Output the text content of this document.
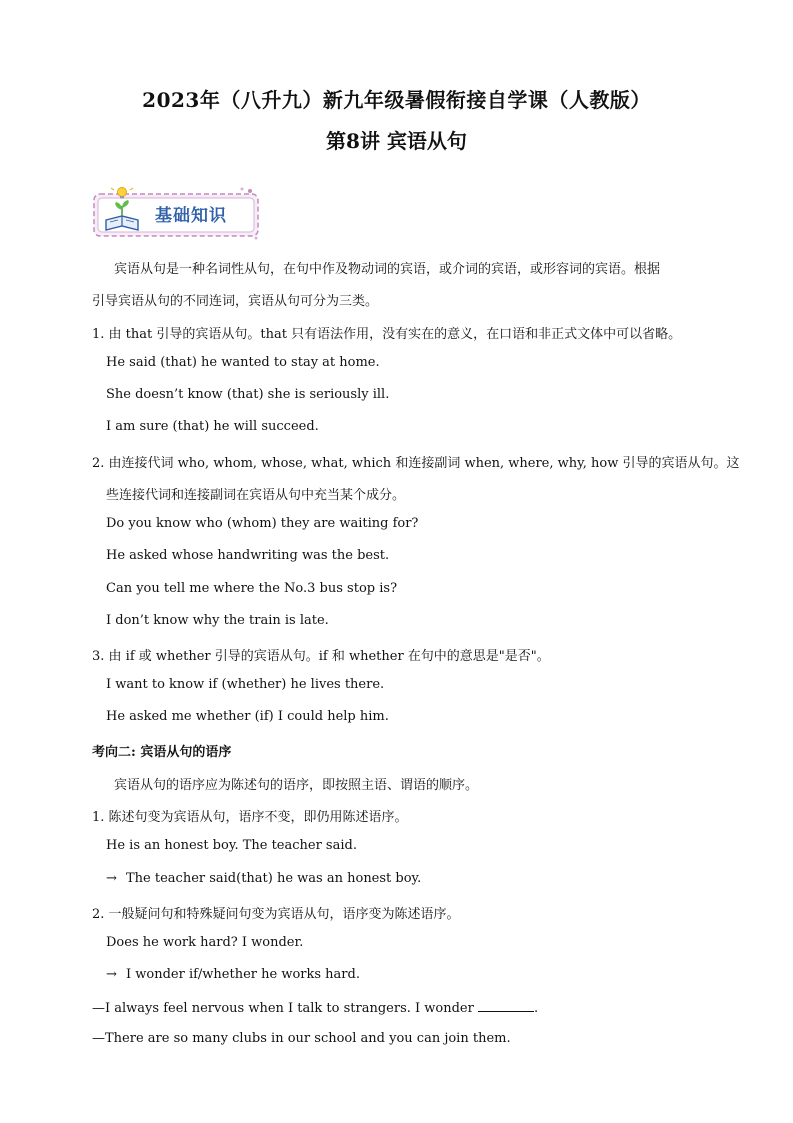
2023年（八升九）新九年级暑假衔接自学课（人教版）
第8讲 宾语从句
基础知识
宾语从句是一种名词性从句，在句中作及物动词的宾语，或介词的宾语，或形容词的宾语。根据
引导宾语从句的不同连词，宾语从句可分为三类。
1. 由 that 引导的宾语从句。that 只有语法作用，没有实在的意义，在口语和非正式文体中可以省略。
He said (that) he wanted to stay at home.
She doesn’t know (that) she is seriously ill.
I am sure (that) he will succeed.
2. 由连接代词 who, whom, whose, what, which 和连接副词 when, where, why, how 引导的宾语从句。这
些连接代词和连接副词在宾语从句中充当某个成分。
Do you know who (whom) they are waiting for?
He asked whose handwriting was the best.
Can you tell me where the No.3 bus stop is?
I don’t know why the train is late.
3. 由 if 或 whether 引导的宾语从句。if 和 whether 在句中的意思是"是否"。
I want to know if (whether) he lives there.
He asked me whether (if) I could help him.
考向二: 宾语从句的语序
宾语从句的语序应为陈述句的语序，即按照主语、谓语的顺序。
1. 陈述句变为宾语从句，语序不变，即仍用陈述语序。
He is an honest boy. The teacher said.
→ The teacher said(that) he was an honest boy.
2. 一般疑问句和特殊疑问句变为宾语从句，语序变为陈述语序。
Does he work hard? I wonder.
→ I wonder if/whether he works hard.
—I always feel nervous when I talk to strangers. I wonder	.
—There are so many clubs in our school and you can join them.
